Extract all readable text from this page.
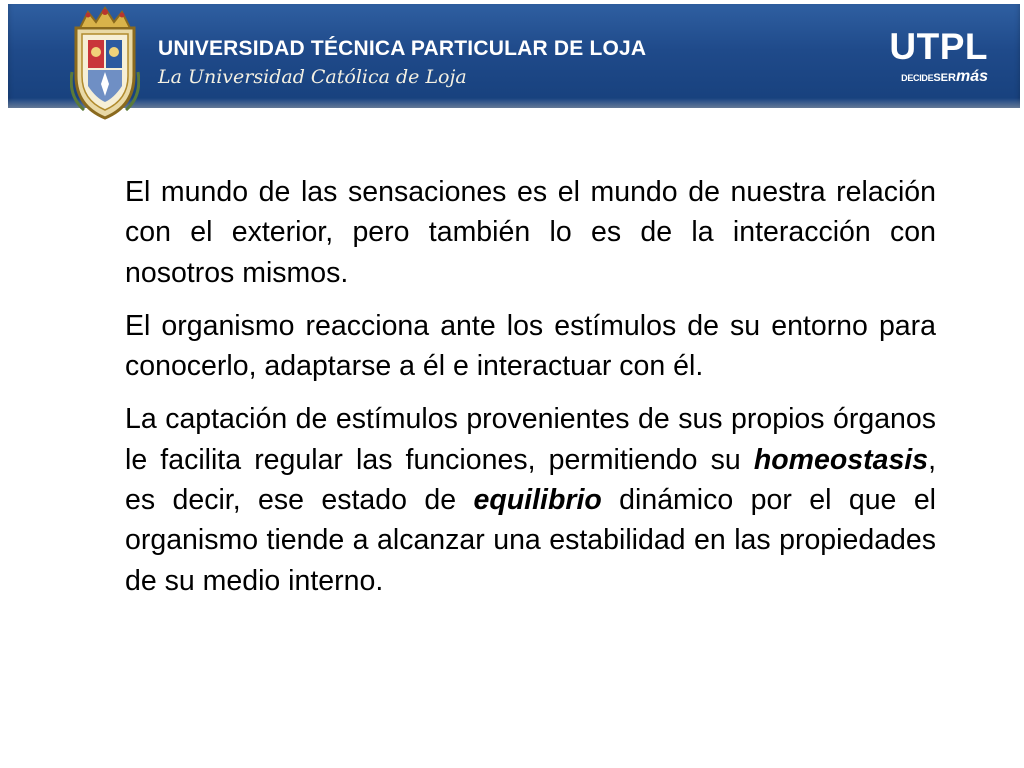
UNIVERSIDAD TÉCNICA PARTICULAR DE LOJA
La Universidad Católica de Loja
UTPL
DECIDESERmás

El mundo de las sensaciones es el mundo de nuestra relación con el exterior, pero también lo es de la interacción con nosotros mismos.

El organismo reacciona ante los estímulos de su entorno para conocerlo, adaptarse a él e interactuar con él.

La captación de estímulos provenientes de sus propios órganos le facilita regular las funciones, permitiendo su homeostasis, es decir, ese estado de equilibrio dinámico por el que el organismo tiende a alcanzar una estabilidad en las propiedades de su medio interno.
